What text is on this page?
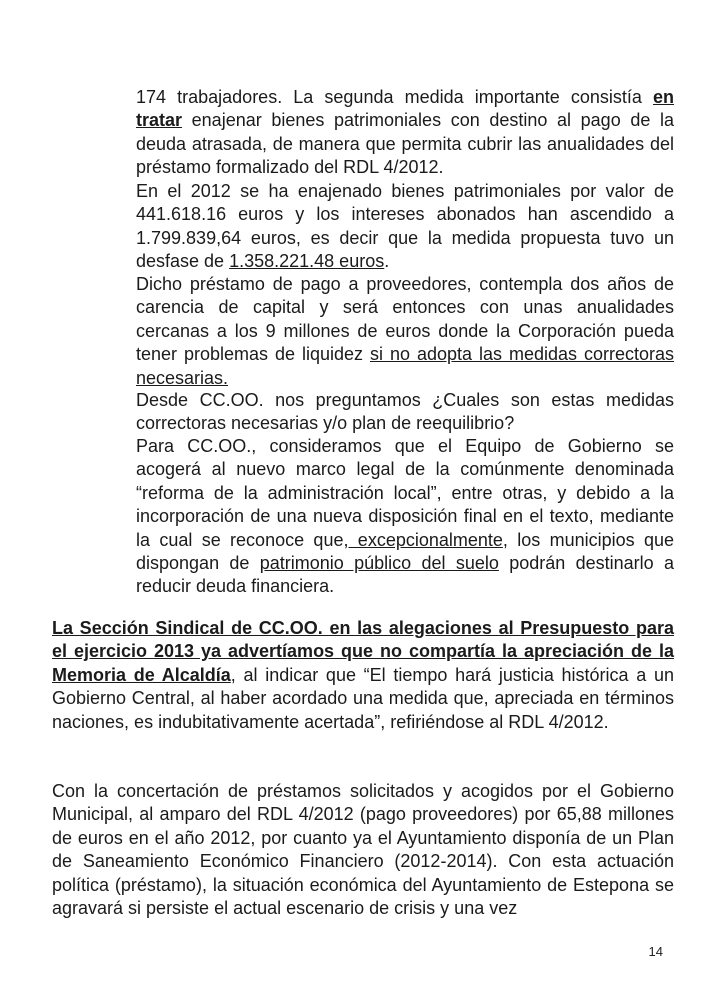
174 trabajadores. La segunda medida importante consistía en tratar enajenar bienes patrimoniales con destino al pago de la deuda atrasada, de manera que permita cubrir las anualidades del préstamo formalizado del RDL 4/2012.

En el 2012 se ha enajenado bienes patrimoniales por valor de 441.618.16 euros y los intereses abonados han ascendido a 1.799.839,64 euros, es decir que la medida propuesta tuvo un desfase de 1.358.221.48 euros.

Dicho préstamo de pago a proveedores, contempla dos años de carencia de capital y será entonces con unas anualidades cercanas a los 9 millones de euros donde la Corporación pueda tener problemas de liquidez si no adopta las medidas correctoras necesarias.

Desde CC.OO. nos preguntamos ¿Cuales son estas medidas correctoras necesarias y/o plan de reequilibrio?

Para CC.OO., consideramos que el Equipo de Gobierno se acogerá al nuevo marco legal de la comúnmente denominada “reforma de la administración local”, entre otras, y debido a la incorporación de una nueva disposición final en el texto, mediante la cual se reconoce que, excepcionalmente, los municipios que dispongan de patrimonio público del suelo podrán destinarlo a reducir deuda financiera.

La Sección Sindical de CC.OO. en las alegaciones al Presupuesto para el ejercicio 2013 ya advertíamos que no compartía la apreciación de la Memoria de Alcaldía, al indicar que “El tiempo hará justicia histórica a un Gobierno Central, al haber acordado una medida que, apreciada en términos naciones, es indubitativamente acertada”, refiriéndose al RDL 4/2012.

Con la concertación de préstamos solicitados y acogidos por el Gobierno Municipal, al amparo del RDL 4/2012 (pago proveedores) por 65,88 millones de euros en el año 2012, por cuanto ya el Ayuntamiento disponía de un Plan de Saneamiento Económico Financiero (2012-2014). Con esta actuación política (préstamo), la situación económica del Ayuntamiento de Estepona se agravará si persiste el actual escenario de crisis y una vez

14
